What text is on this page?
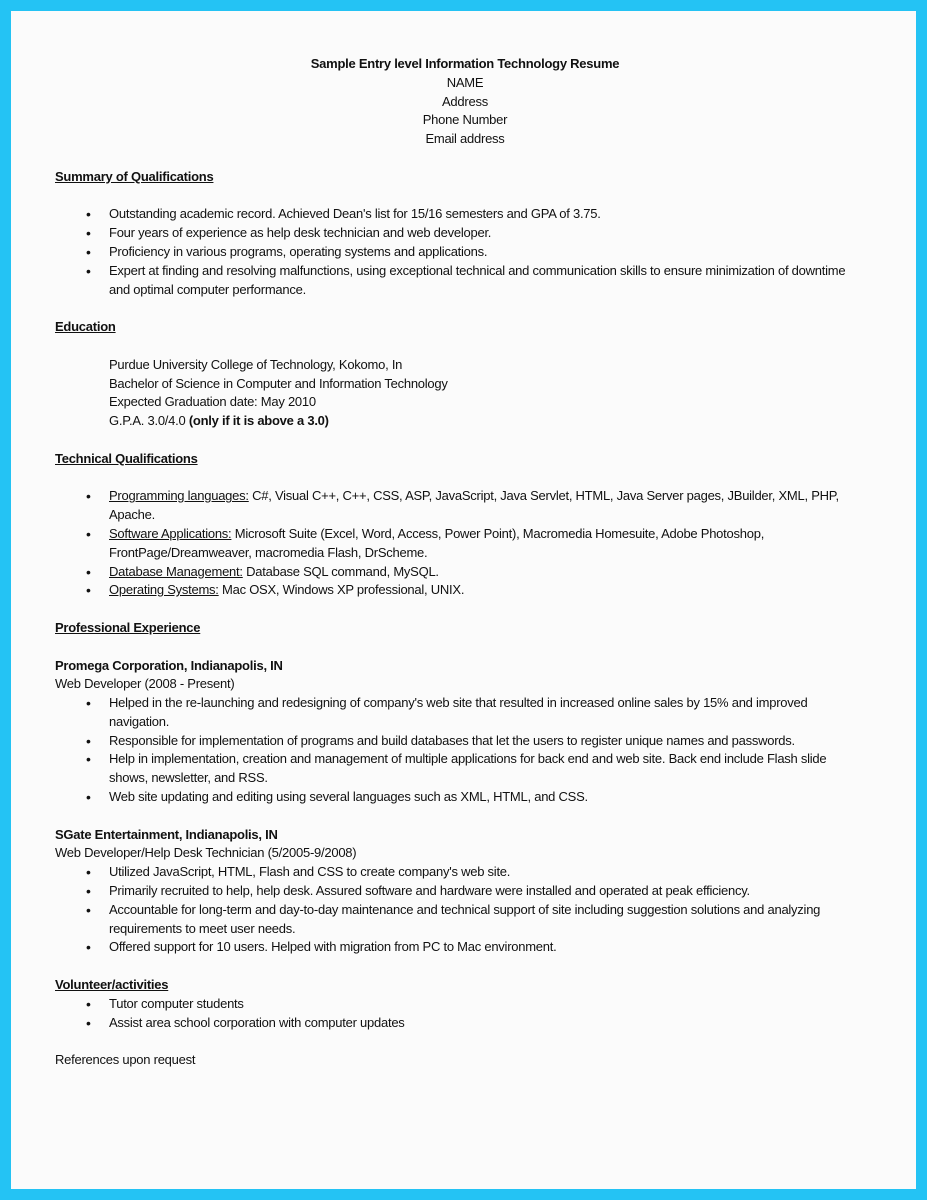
Sample Entry level Information Technology Resume
NAME
Address
Phone Number
Email address
Summary of Qualifications
• Outstanding academic record. Achieved Dean's list for 15/16 semesters and GPA of 3.75.
• Four years of experience as help desk technician and web developer.
• Proficiency in various programs, operating systems and applications.
• Expert at finding and resolving malfunctions, using exceptional technical and communication skills to ensure minimization of downtime and optimal computer performance.
Education
Purdue University College of Technology, Kokomo, In
Bachelor of Science in Computer and Information Technology
Expected Graduation date: May 2010
G.P.A. 3.0/4.0 (only if it is above a 3.0)
Technical Qualifications
• Programming languages: C#, Visual C++, C++, CSS, ASP, JavaScript, Java Servlet, HTML, Java Server pages, JBuilder, XML, PHP, Apache.
• Software Applications: Microsoft Suite (Excel, Word, Access, Power Point), Macromedia Homesuite, Adobe Photoshop, FrontPage/Dreamweaver, macromedia Flash, DrScheme.
• Database Management: Database SQL command, MySQL.
• Operating Systems: Mac OSX, Windows XP professional, UNIX.
Professional Experience
Promega Corporation, Indianapolis, IN
Web Developer (2008 - Present)
• Helped in the re-launching and redesigning of company's web site that resulted in increased online sales by 15% and improved navigation.
• Responsible for implementation of programs and build databases that let the users to register unique names and passwords.
• Help in implementation, creation and management of multiple applications for back end and web site. Back end include Flash slide shows, newsletter, and RSS.
• Web site updating and editing using several languages such as XML, HTML, and CSS.
SGate Entertainment, Indianapolis, IN
Web Developer/Help Desk Technician (5/2005-9/2008)
• Utilized JavaScript, HTML, Flash and CSS to create company's web site.
• Primarily recruited to help, help desk. Assured software and hardware were installed and operated at peak efficiency.
• Accountable for long-term and day-to-day maintenance and technical support of site including suggestion solutions and analyzing requirements to meet user needs.
• Offered support for 10 users. Helped with migration from PC to Mac environment.
Volunteer/activities
• Tutor computer students
• Assist area school corporation with computer updates
References upon request
